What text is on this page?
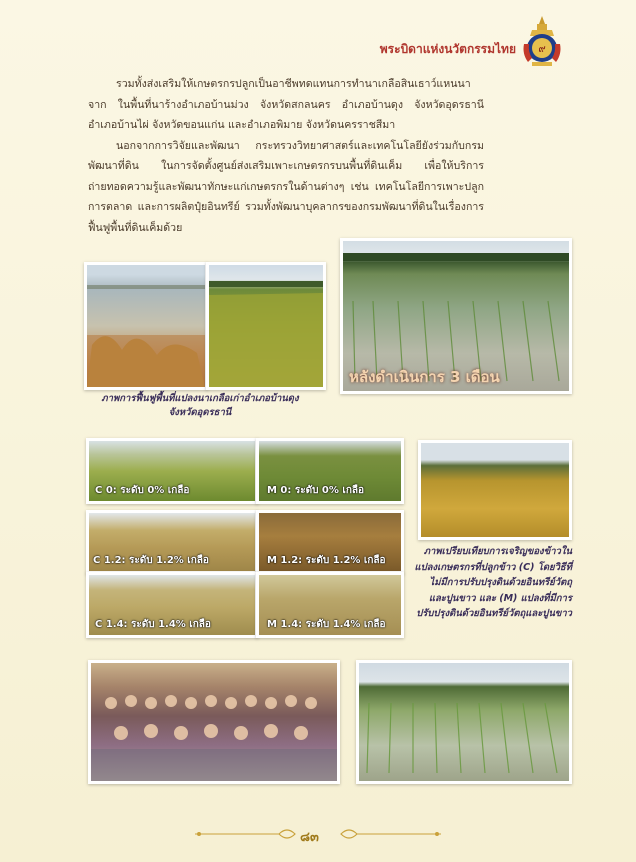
พระบิดาแห่งนวัตกรรมไทย ๙

รวมทั้งส่งเสริมให้เกษตรกรปลูกเป็นอาชีพทดแทนการทำนาเกลือสินเธาว์แหนนาจาก ในพื้นที่นาร้างอำเภอบ้านม่วง จังหวัดสกลนคร อำเภอบ้านดุง จังหวัดอุดรธานี อำเภอบ้านไผ่ จังหวัดขอนแก่น และอำเภอพิมาย จังหวัดนครราชสีมา

นอกจากการวิจัยและพัฒนา กระทรวงวิทยาศาสตร์และเทคโนโลยียังร่วมกับกรมพัฒนาที่ดิน ในการจัดตั้งศูนย์ส่งเสริมเพาะเกษตรกรบนพื้นที่ดินเค็ม เพื่อให้บริการถ่ายทอดความรู้และพัฒนาทักษะแก่เกษตรกรในด้านต่างๆ เช่น เทคโนโลยีการเพาะปลูก การตลาด และการผลิตปุ๋ยอินทรีย์ รวมทั้งพัฒนาบุคลากรของกรมพัฒนาที่ดินในเรื่องการฟื้นฟูพื้นที่ดินเค็มด้วย

ภาพการฟื้นฟูพื้นที่แปลงนาเกลือเก่าอำเภอบ้านดุง จังหวัดอุดรธานี
หลังดำเนินการ 3 เดือน
C 0: ระดับ 0% เกลือ	M 0: ระดับ 0% เกลือ
C 1.2: ระดับ 1.2% เกลือ	M 1.2: ระดับ 1.2% เกลือ
C 1.4: ระดับ 1.4% เกลือ	M 1.4: ระดับ 1.4% เกลือ
ภาพเปรียบเทียบการเจริญของข้าวในแปลงเกษตรกรที่ปลูกข้าว (C) โดยวิธีที่ไม่มีการปรับปรุงดินด้วยอินทรีย์วัตถุและปูนขาว และ (M) แปลงที่มีการปรับปรุงดินด้วยอินทรีย์วัตถุและปูนขาว
๘๓
